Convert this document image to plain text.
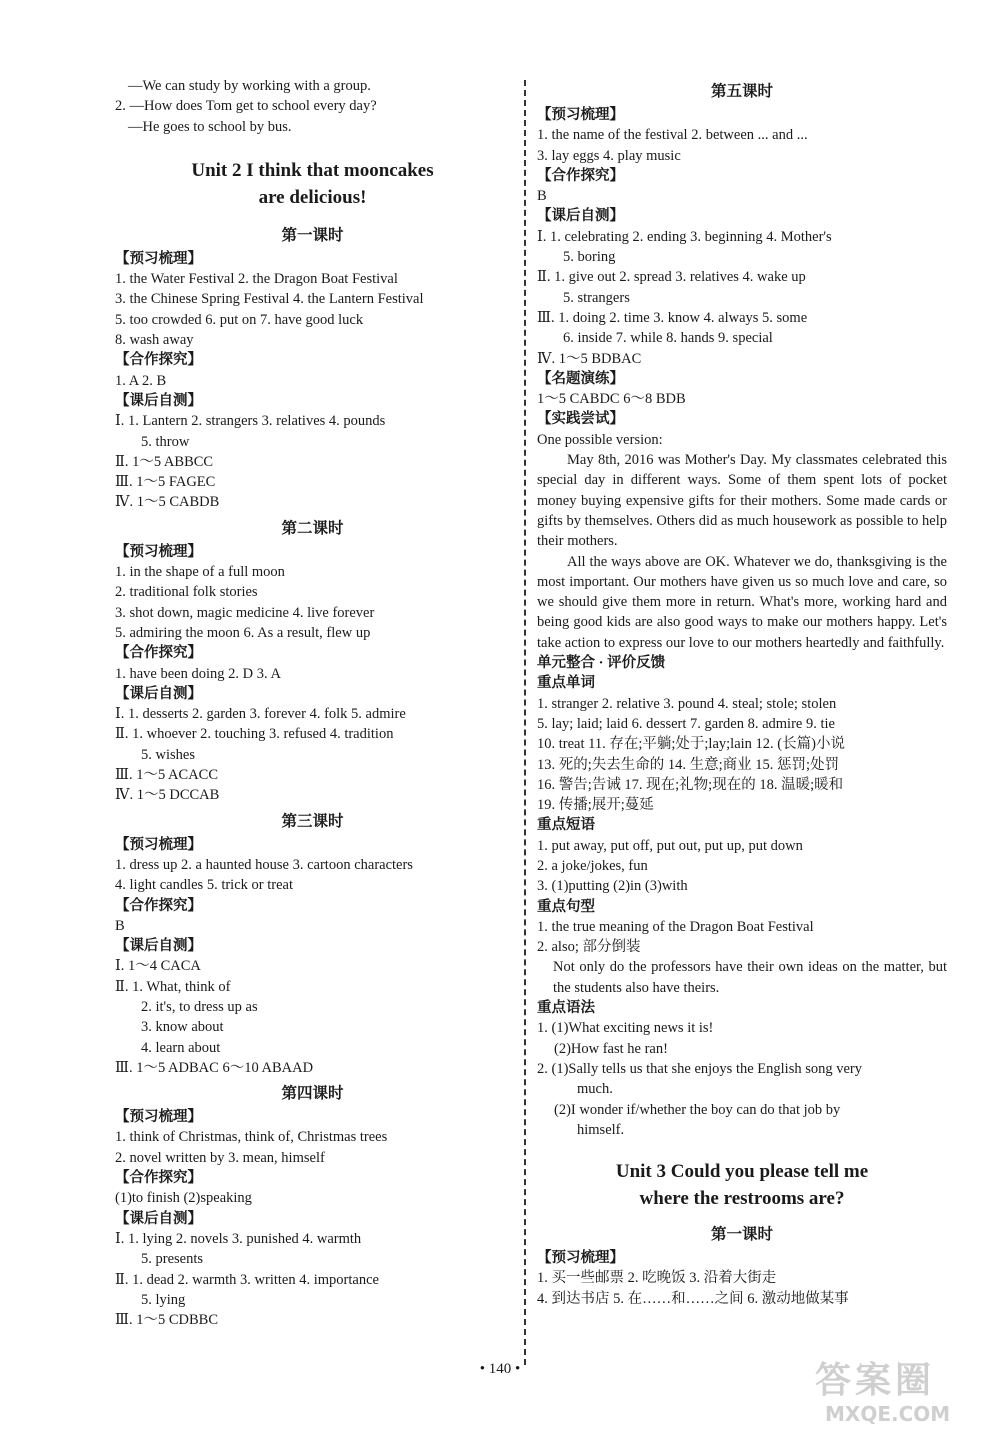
—We can study by working with a group.
2. —How does Tom get to school every day?
—He goes to school by bus.
Unit 2 I think that mooncakes
are delicious!
第一课时
【预习梳理】
1. the Water Festival 2. the Dragon Boat Festival
3. the Chinese Spring Festival 4. the Lantern Festival
5. too crowded 6. put on 7. have good luck
8. wash away
【合作探究】
1. A 2. B
【课后自测】
Ⅰ. 1. Lantern 2. strangers 3. relatives 4. pounds
5. throw
Ⅱ. 1～5 ABBCC
Ⅲ. 1～5 FAGEC
Ⅳ. 1～5 CABDB
第二课时
【预习梳理】
1. in the shape of a full moon
2. traditional folk stories
3. shot down, magic medicine 4. live forever
5. admiring the moon 6. As a result, flew up
【合作探究】
1. have been doing 2. D 3. A
【课后自测】
Ⅰ. 1. desserts 2. garden 3. forever 4. folk 5. admire
Ⅱ. 1. whoever 2. touching 3. refused 4. tradition
5. wishes
Ⅲ. 1～5 ACACC
Ⅳ. 1～5 DCCAB
第三课时
【预习梳理】
1. dress up 2. a haunted house 3. cartoon characters
4. light candles 5. trick or treat
【合作探究】
B
【课后自测】
Ⅰ. 1～4 CACA
Ⅱ. 1. What, think of
2. it's, to dress up as
3. know about
4. learn about
Ⅲ. 1～5 ADBAC 6～10 ABAAD
第四课时
【预习梳理】
1. think of Christmas, think of, Christmas trees
2. novel written by 3. mean, himself
【合作探究】
(1)to finish (2)speaking
【课后自测】
Ⅰ. 1. lying 2. novels 3. punished 4. warmth
5. presents
Ⅱ. 1. dead 2. warmth 3. written 4. importance
5. lying
Ⅲ. 1～5 CDBBC
第五课时
【预习梳理】
1. the name of the festival 2. between ... and ...
3. lay eggs 4. play music
【合作探究】
B
【课后自测】
Ⅰ. 1. celebrating 2. ending 3. beginning 4. Mother's
5. boring
Ⅱ. 1. give out 2. spread 3. relatives 4. wake up
5. strangers
Ⅲ. 1. doing 2. time 3. know 4. always 5. some
6. inside 7. while 8. hands 9. special
Ⅳ. 1～5 BDBAC
【名题演练】
1～5 CABDC 6～8 BDB
【实践尝试】
One possible version:
May 8th, 2016 was Mother's Day. My classmates celebrated this special day in different ways. Some of them spent lots of pocket money buying expensive gifts for their mothers. Some made cards or gifts by themselves. Others did as much housework as possible to help their mothers.
All the ways above are OK. Whatever we do, thanksgiving is the most important. Our mothers have given us so much love and care, so we should give them more in return. What's more, working hard and being good kids are also good ways to make our mothers happy. Let's take action to express our love to our mothers heartedly and faithfully.
单元整合 · 评价反馈
重点单词
1. stranger 2. relative 3. pound 4. steal; stole; stolen
5. lay; laid; laid 6. dessert 7. garden 8. admire 9. tie
10. treat 11. 存在;平躺;处于;lay;lain 12. (长篇)小说
13. 死的;失去生命的 14. 生意;商业 15. 惩罚;处罚
16. 警告;告诫 17. 现在;礼物;现在的 18. 温暖;暖和
19. 传播;展开;蔓延
重点短语
1. put away, put off, put out, put up, put down
2. a joke/jokes, fun
3. (1)putting (2)in (3)with
重点句型
1. the true meaning of the Dragon Boat Festival
2. also; 部分倒装
Not only do the professors have their own ideas on the matter, but the students also have theirs.
重点语法
1. (1)What exciting news it is!
(2)How fast he ran!
2. (1)Sally tells us that she enjoys the English song very
much.
(2)I wonder if/whether the boy can do that job by
himself.
Unit 3 Could you please tell me
where the restrooms are?
第一课时
【预习梳理】
1. 买一些邮票 2. 吃晚饭 3. 沿着大街走
4. 到达书店 5. 在……和……之间 6. 激动地做某事
• 140 •	答案圈
MXQE.COM
